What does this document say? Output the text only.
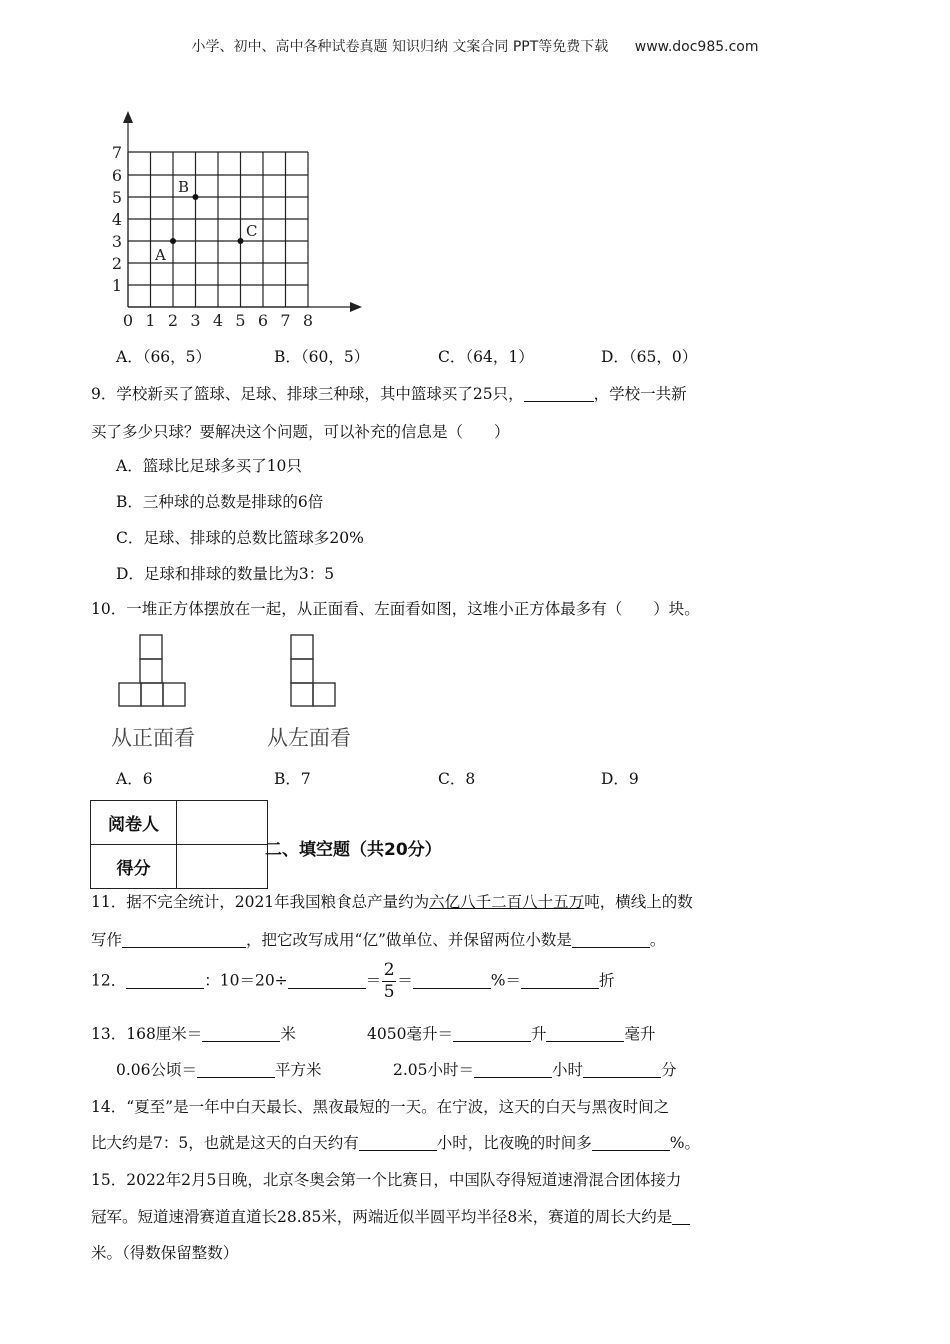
小学、初中、高中各种试卷真题 知识归纳 文案合同 PPT等免费下载 www.doc985.com
0 1 2 3 4 5 6 7 8
1
2
3
4
5
6
7
A
B
C
A．（66，5）	B．（60，5）	C．（64，1）	D．（65，0）
9．学校新买了篮球、足球、排球三种球，其中篮球买了25只，	，学校一共新
买了多少只球？要解决这个问题，可以补充的信息是（　　）
A．篮球比足球多买了10只
B．三种球的总数是排球的6倍
C．足球、排球的总数比篮球多20%
D．足球和排球的数量比为3：5
10．一堆正方体摆放在一起，从正面看、左面看如图，这堆小正方体最多有（　　）块。
从正面看	从左面看
A．6	B．7	C．8	D．9
阅卷人	
得分	
二、填空题（共20分）
11．据不完全统计，2021年我国粮食总产量约为六亿八千二百八十五万吨，横线上的数
写作	，把它改写成用“亿”做单位、并保留两位小数是	。
12．	：10＝20÷	＝ $\frac{2}{5}$ ＝	%＝	折
13．168厘米＝	米	4050毫升＝	升	毫升
0.06公顷＝	平方米	2.05小时＝	小时	分
14．“夏至”是一年中白天最长、黑夜最短的一天。在宁波，这天的白天与黑夜时间之
比大约是7：5，也就是这天的白天约有	小时，比夜晚的时间多	%。
15．2022年2月5日晚，北京冬奥会第一个比赛日，中国队夺得短道速滑混合团体接力
冠军。短道速滑赛道直道长28.85米，两端近似半圆平均半径8米，赛道的周长大约是
米。（得数保留整数）
